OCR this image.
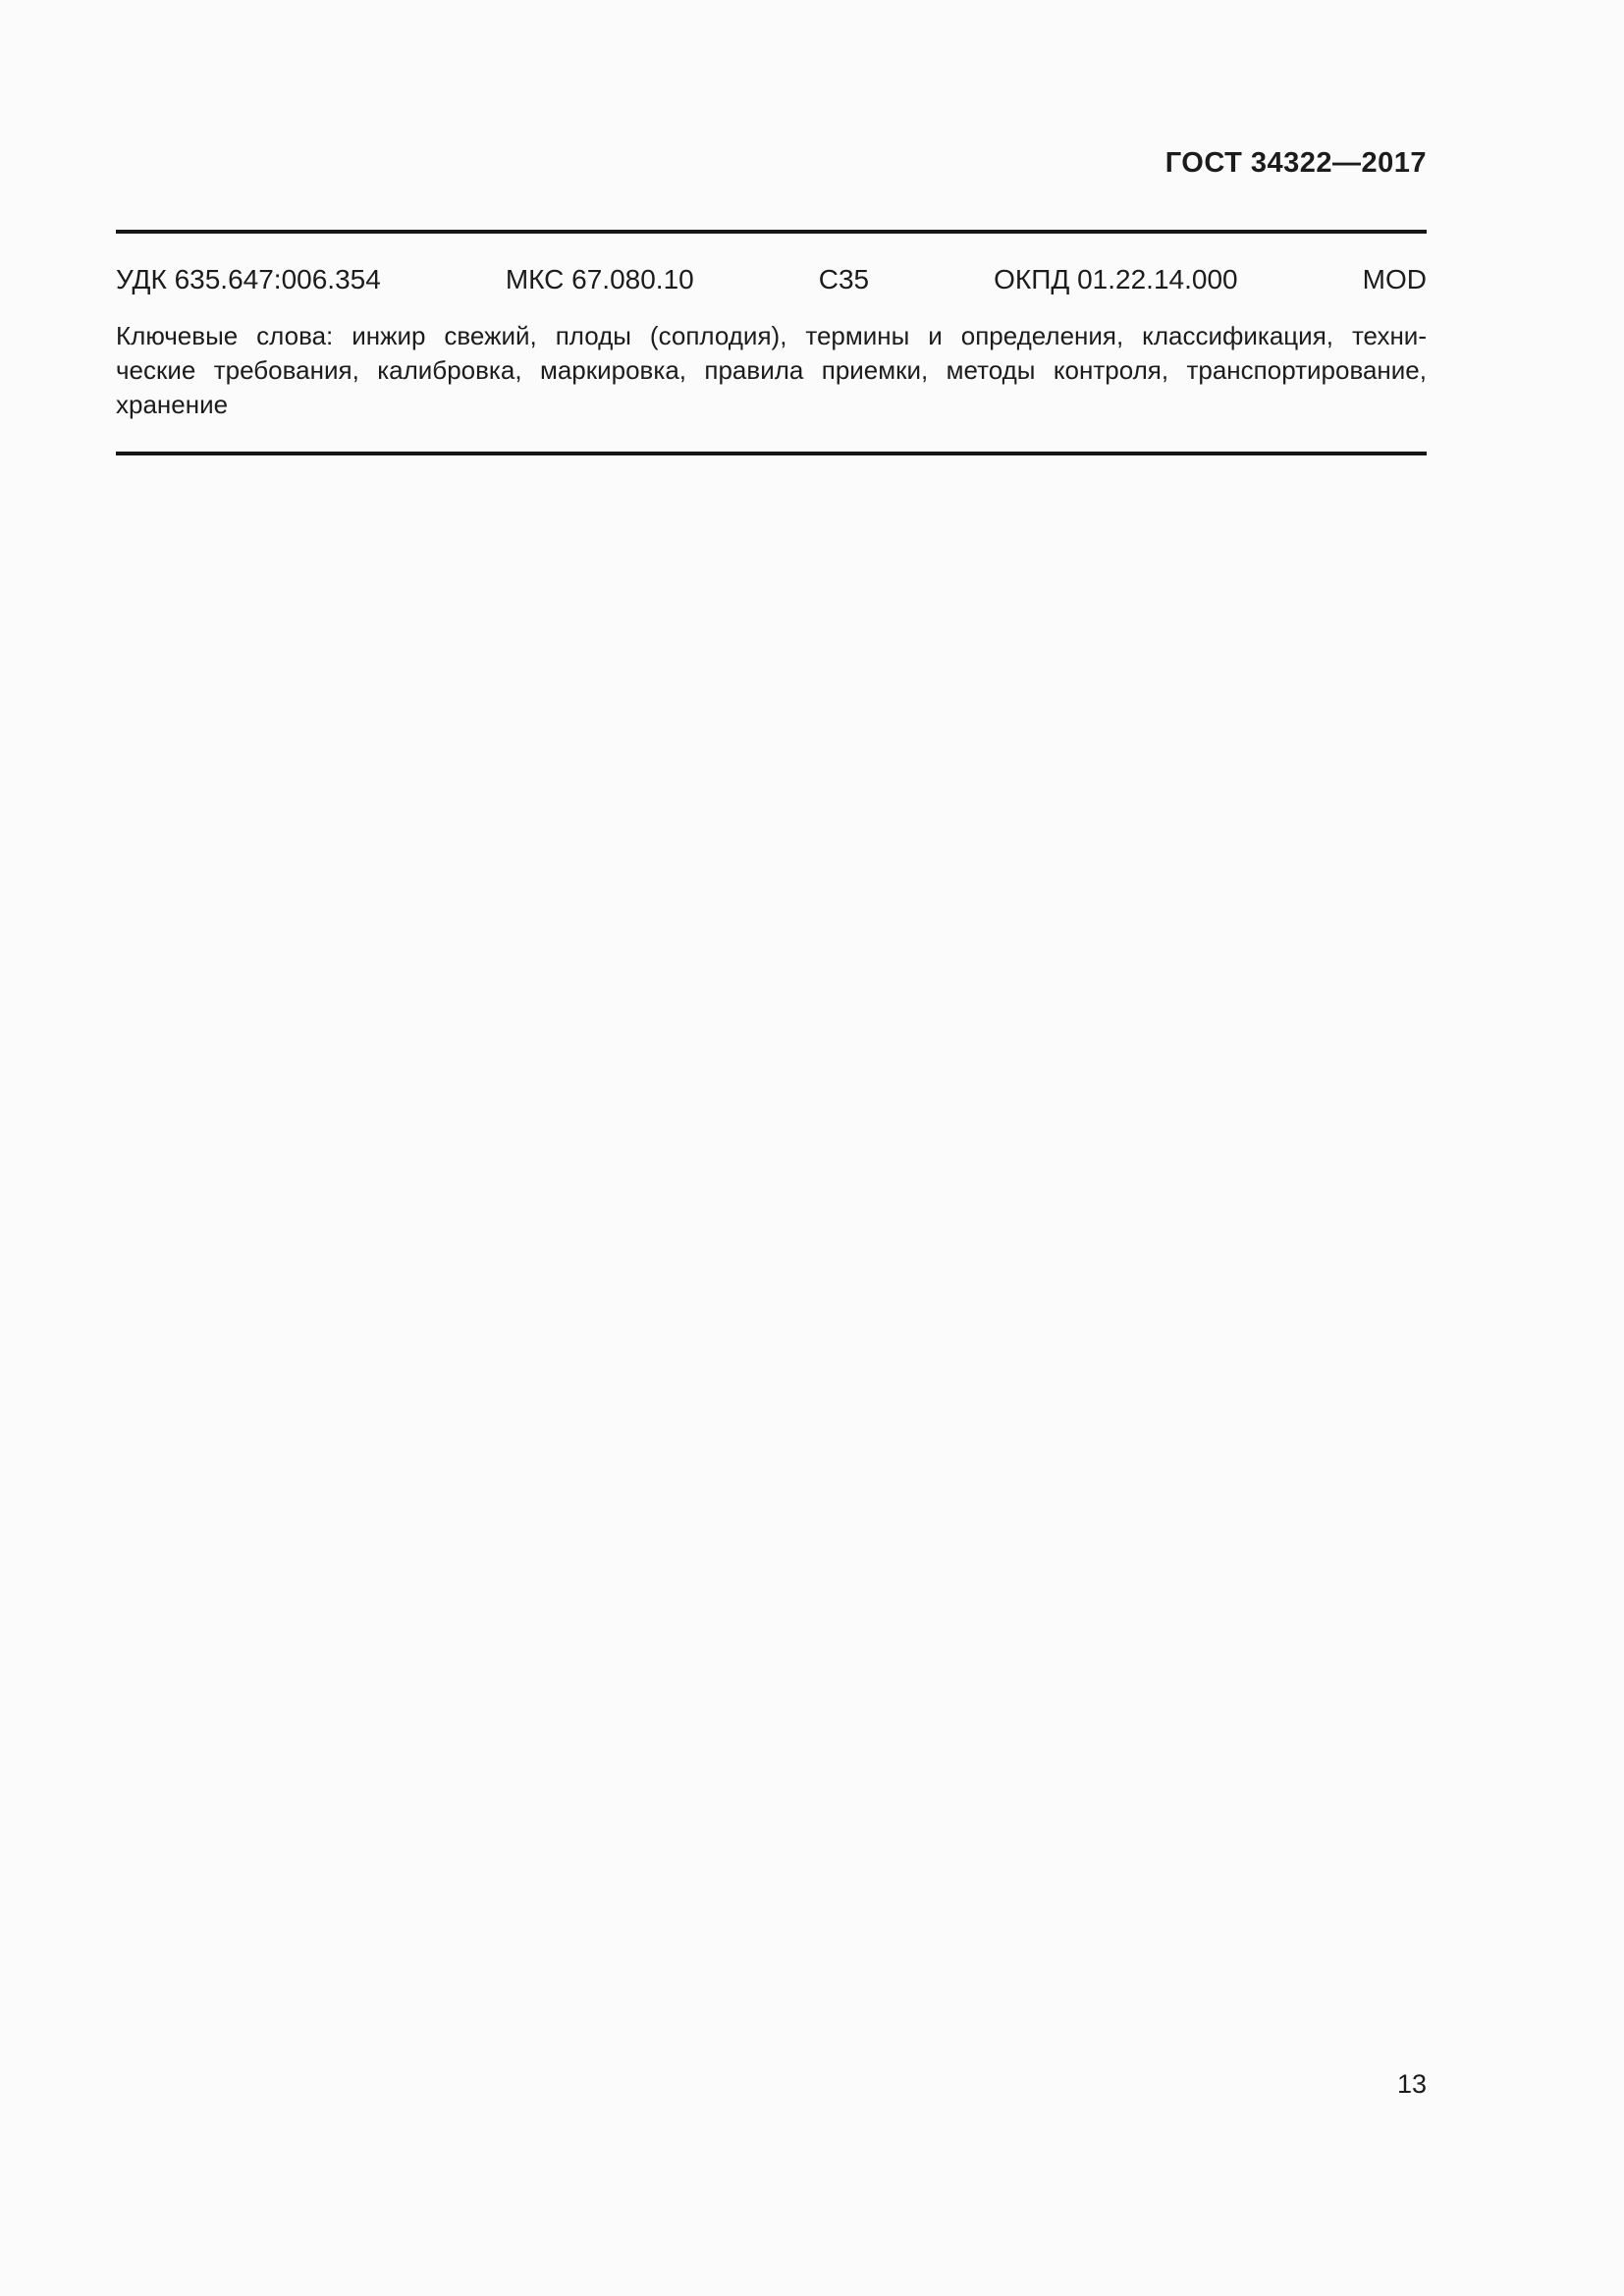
ГОСТ 34322—2017
УДК 635.647:006.354	МКС 67.080.10	С35	ОКПД 01.22.14.000	MOD
Ключевые слова: инжир свежий, плоды (соплодия), термины и определения, классификация, техни-
ческие требования, калибровка, маркировка, правила приемки, методы контроля, транспортирование,
хранение
13
